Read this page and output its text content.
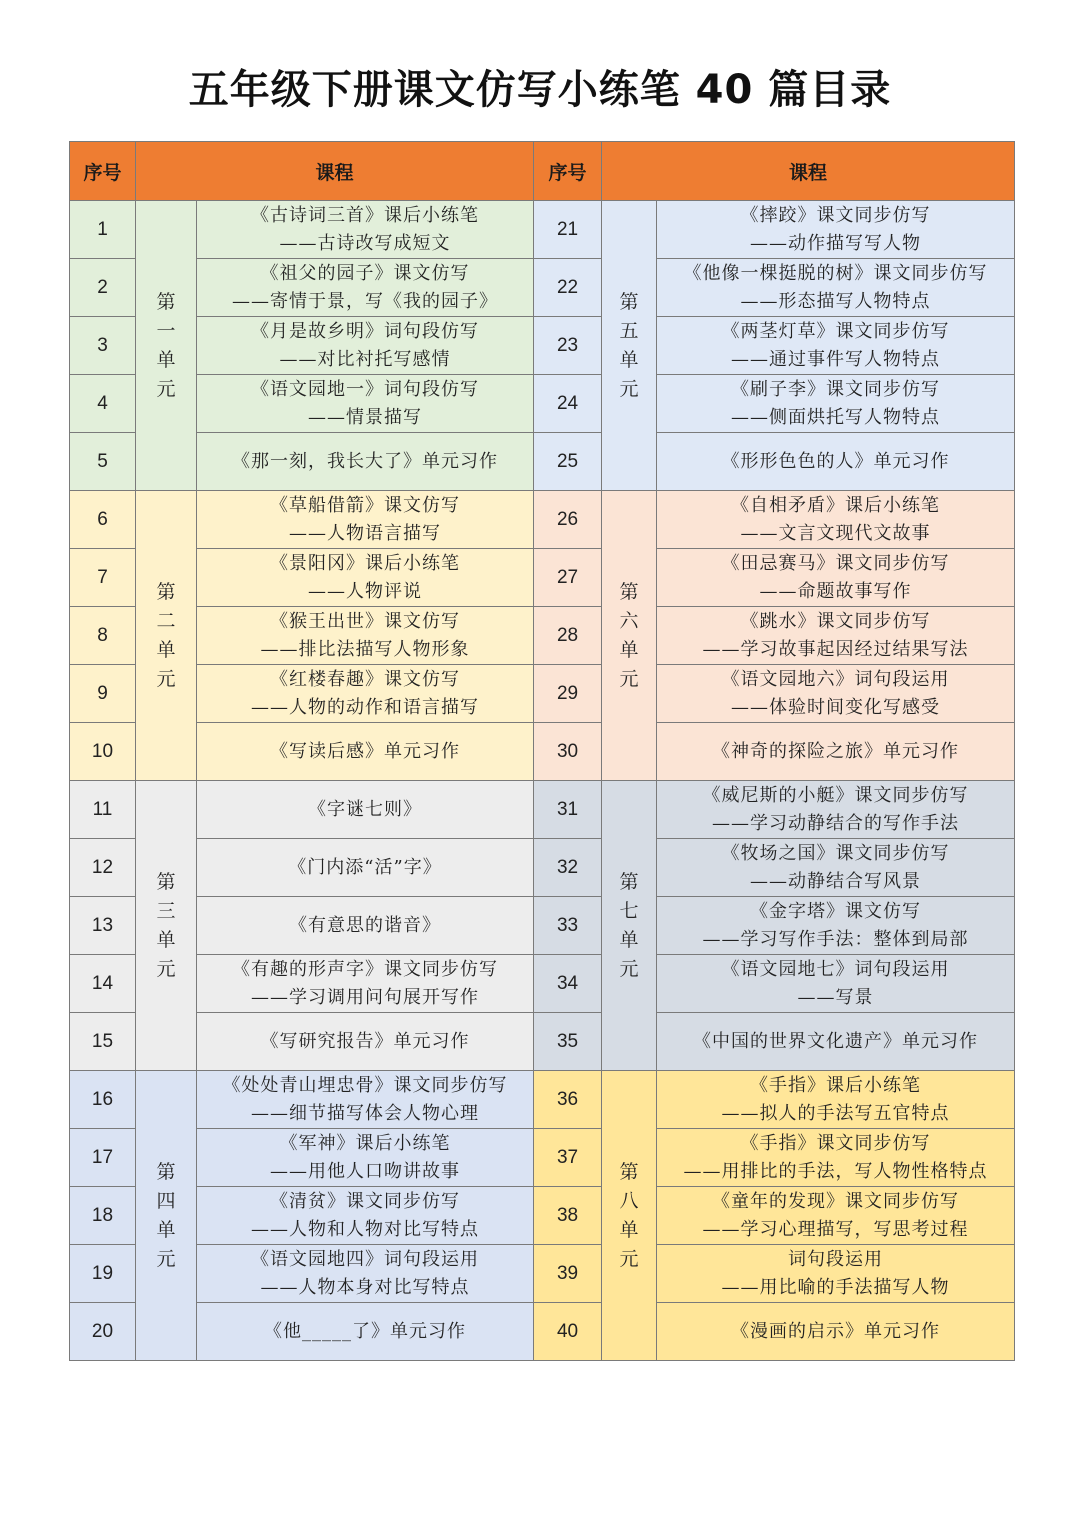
五年级下册课文仿写小练笔 40 篇目录
序号	课程		序号	课程	
1	第
一
单
元	《古诗词三首》课后小练笔
——古诗改写成短文	21	第
五
单
元	《摔跤》课文同步仿写
——动作描写写人物

2		《祖父的园子》课文仿写
——寄情于景，写《我的园子》	22		《他像一棵挺脱的树》课文同步仿写
——形态描写人物特点

3		《月是故乡明》词句段仿写
——对比衬托写感情	23		《两茎灯草》课文同步仿写
——通过事件写人物特点

4		《语文园地一》词句段仿写
——情景描写	24		《刷子李》课文同步仿写
——侧面烘托写人物特点

5		《那一刻，我长大了》单元习作	25		《形形色色的人》单元习作

6	第
二
单
元	《草船借箭》课文仿写
——人物语言描写	26	第
六
单
元	《自相矛盾》课后小练笔
——文言文现代文故事

7		《景阳冈》课后小练笔
——人物评说	27		《田忌赛马》课文同步仿写
——命题故事写作

8		《猴王出世》课文仿写
——排比法描写人物形象	28		《跳水》课文同步仿写
——学习故事起因经过结果写法

9		《红楼春趣》课文仿写
——人物的动作和语言描写	29		《语文园地六》词句段运用
——体验时间变化写感受

10		《写读后感》单元习作	30		《神奇的探险之旅》单元习作

11	第
三
单
元	《字谜七则》	31	第
七
单
元	《威尼斯的小艇》课文同步仿写
——学习动静结合的写作手法

12		《门内添“活”字》	32		《牧场之国》课文同步仿写
——动静结合写风景

13		《有意思的谐音》	33		《金字塔》课文仿写
——学习写作手法：整体到局部

14		《有趣的形声字》课文同步仿写
——学习调用问句展开写作	34		《语文园地七》词句段运用
——写景

15		《写研究报告》单元习作	35		《中国的世界文化遗产》单元习作

16	第
四
单
元	《处处青山埋忠骨》课文同步仿写
——细节描写体会人物心理	36	第
八
单
元	《手指》课后小练笔
——拟人的手法写五官特点

17		《军神》课后小练笔
——用他人口吻讲故事	37		《手指》课文同步仿写
——用排比的手法，写人物性格特点

18		《清贫》课文同步仿写
——人物和人物对比写特点	38		《童年的发现》课文同步仿写
——学习心理描写，写思考过程

19		《语文园地四》词句段运用
——人物本身对比写特点	39		词句段运用
——用比喻的手法描写人物

20		《他_____了》单元习作	40		《漫画的启示》单元习作
